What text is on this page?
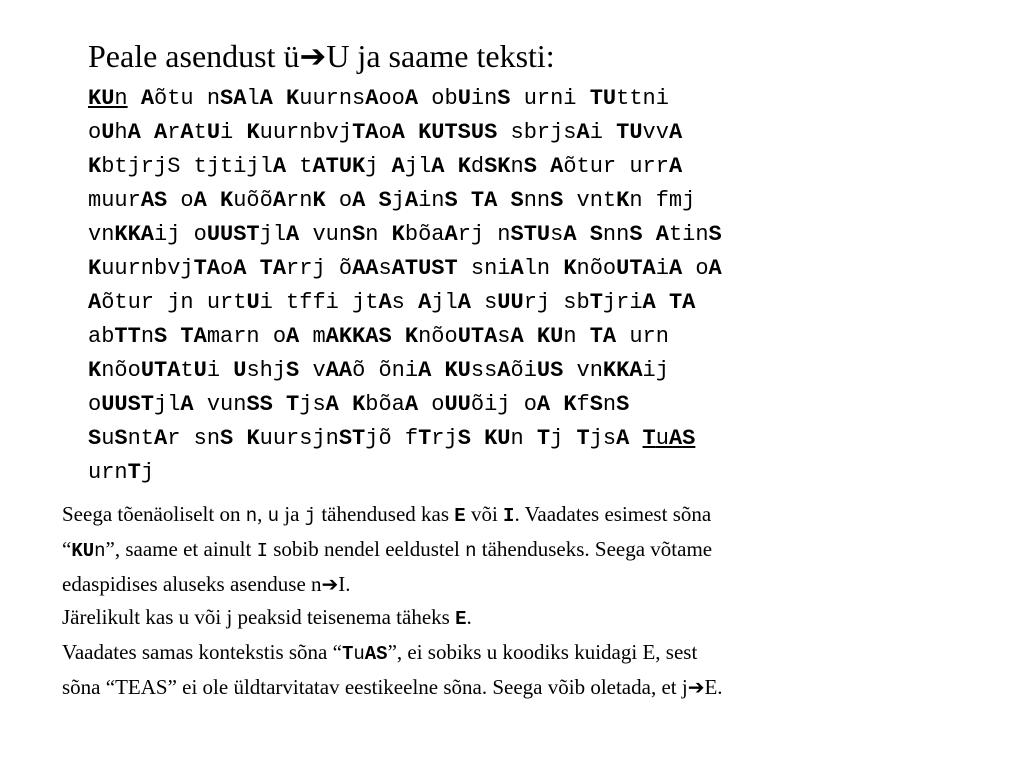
Peale asendust ü➔U ja saame teksti:
KUn Aõtu nSAlA KuurnsAooA obUinS urni TUttni
oUhA ArAtUi KuurnbvjTAoA KUTSUS sbrjsAi TUvvA
KbtjrjS tjtijlA tATUKj AjlA KdSKnS Aõtur urrA
muurAS oA KuõõArnK oA SjAinS TA SnnS vntKn fmj
vnKKAij oUUSTjlA vunSn KbõaArj nSTUsA SnnS AtinS
KuurnbvjTAoA TArrj õAAsATUST sniAln KnõoUTAiA oA
Aõtur jn urtUi tffi jtAs AjlA sUUrj sbTjriA TA
abTTnS TAmarn oA mAKKAS KnõoUTAsA KUn TA urn
KnõoUTAtUi UshjS vAAõ õniA KUssAõiUS vnKKAij
oUUSTjlA vunSS TjsA KbõaA oUUõij oA KfSnS
SuSntAr snS KuursjnSTjõ fTrjS KUn Tj TjsA TuAS
urnTj

Seega tõenäoliselt on n, u ja j tähendused kas E või I. Vaadates esimest sõna
“KUn”, saame et ainult I sobib nendel eeldustel n tähenduseks. Seega võtame
edaspidises aluseks asenduse n➔I.

Järelikult kas u või j peaksid teisenema täheks E.

Vaadates samas kontekstis sõna “TuAS”, ei sobiks u koodiks kuidagi E, sest
sõna “TEAS” ei ole üldtarvitatav eestikeelne sõna. Seega võib oletada, et j➔E.
